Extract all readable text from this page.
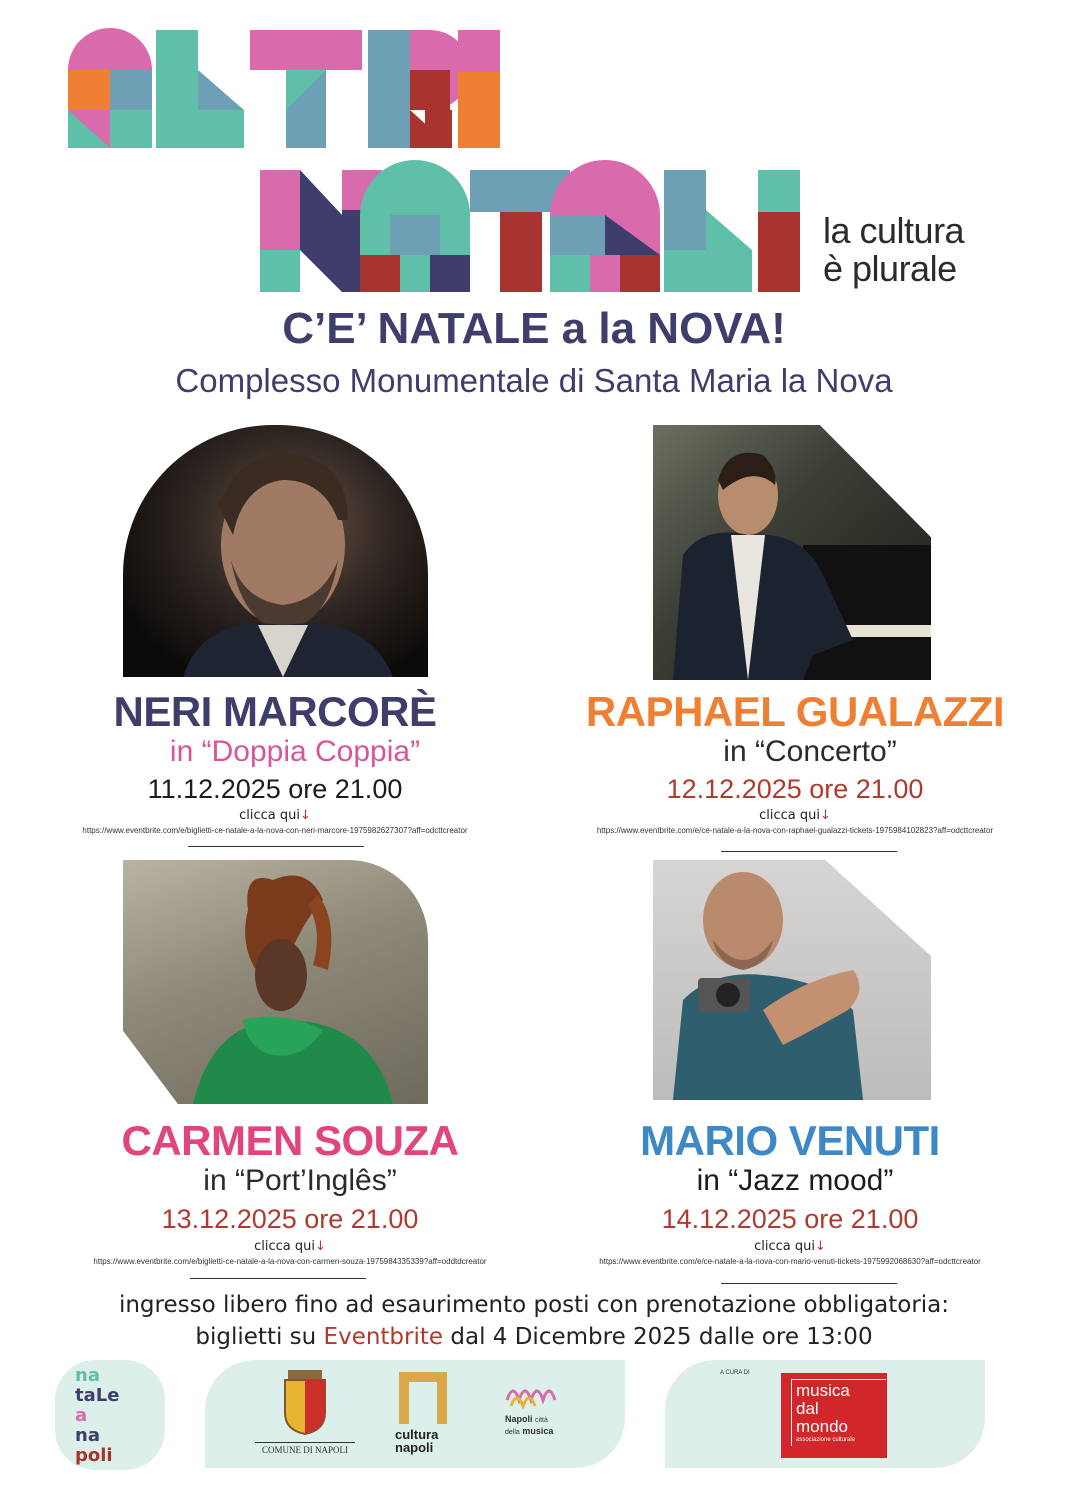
la cultura
è plurale
C’E’ NATALE a la NOVA!
Complesso Monumentale di Santa Maria la Nova
NERI MARCORÈ
in “Doppia Coppia”
11.12.2025 ore 21.00
clicca qui↓
https://www.eventbrite.com/e/biglietti-ce-natale-a-la-nova-con-neri-marcore-1975982627307?aff=odcttcreator
RAPHAEL GUALAZZI
in “Concerto”
12.12.2025 ore 21.00
clicca qui↓
https://www.eventbrite.com/e/ce-natale-a-la-nova-con-raphael-gualazzi-tickets-1975984102823?aff=odcttcreator
CARMEN SOUZA
in “Port’Inglês”
13.12.2025 ore 21.00
clicca qui↓
https://www.eventbrite.com/e/biglietti-ce-natale-a-la-nova-con-carmen-souza-1975984335339?aff=oddtdcreator
MARIO VENUTI
in “Jazz mood”
14.12.2025 ore 21.00
clicca qui↓
https://www.eventbrite.com/e/ce-natale-a-la-nova-con-mario-venuti-tickets-1975992068630?aff=odcttcreator
ingresso libero fino ad esaurimento posti con prenotazione obbligatoria:
biglietti su Eventbrite dal 4 Dicembre 2025 dalle ore 13:00
na
taLe
a
na
poli	COMUNE DI NAPOLI
cultura
napoli
Napoli città
della musica
A CURA DI
musica
dal
mondo
associazione culturale
